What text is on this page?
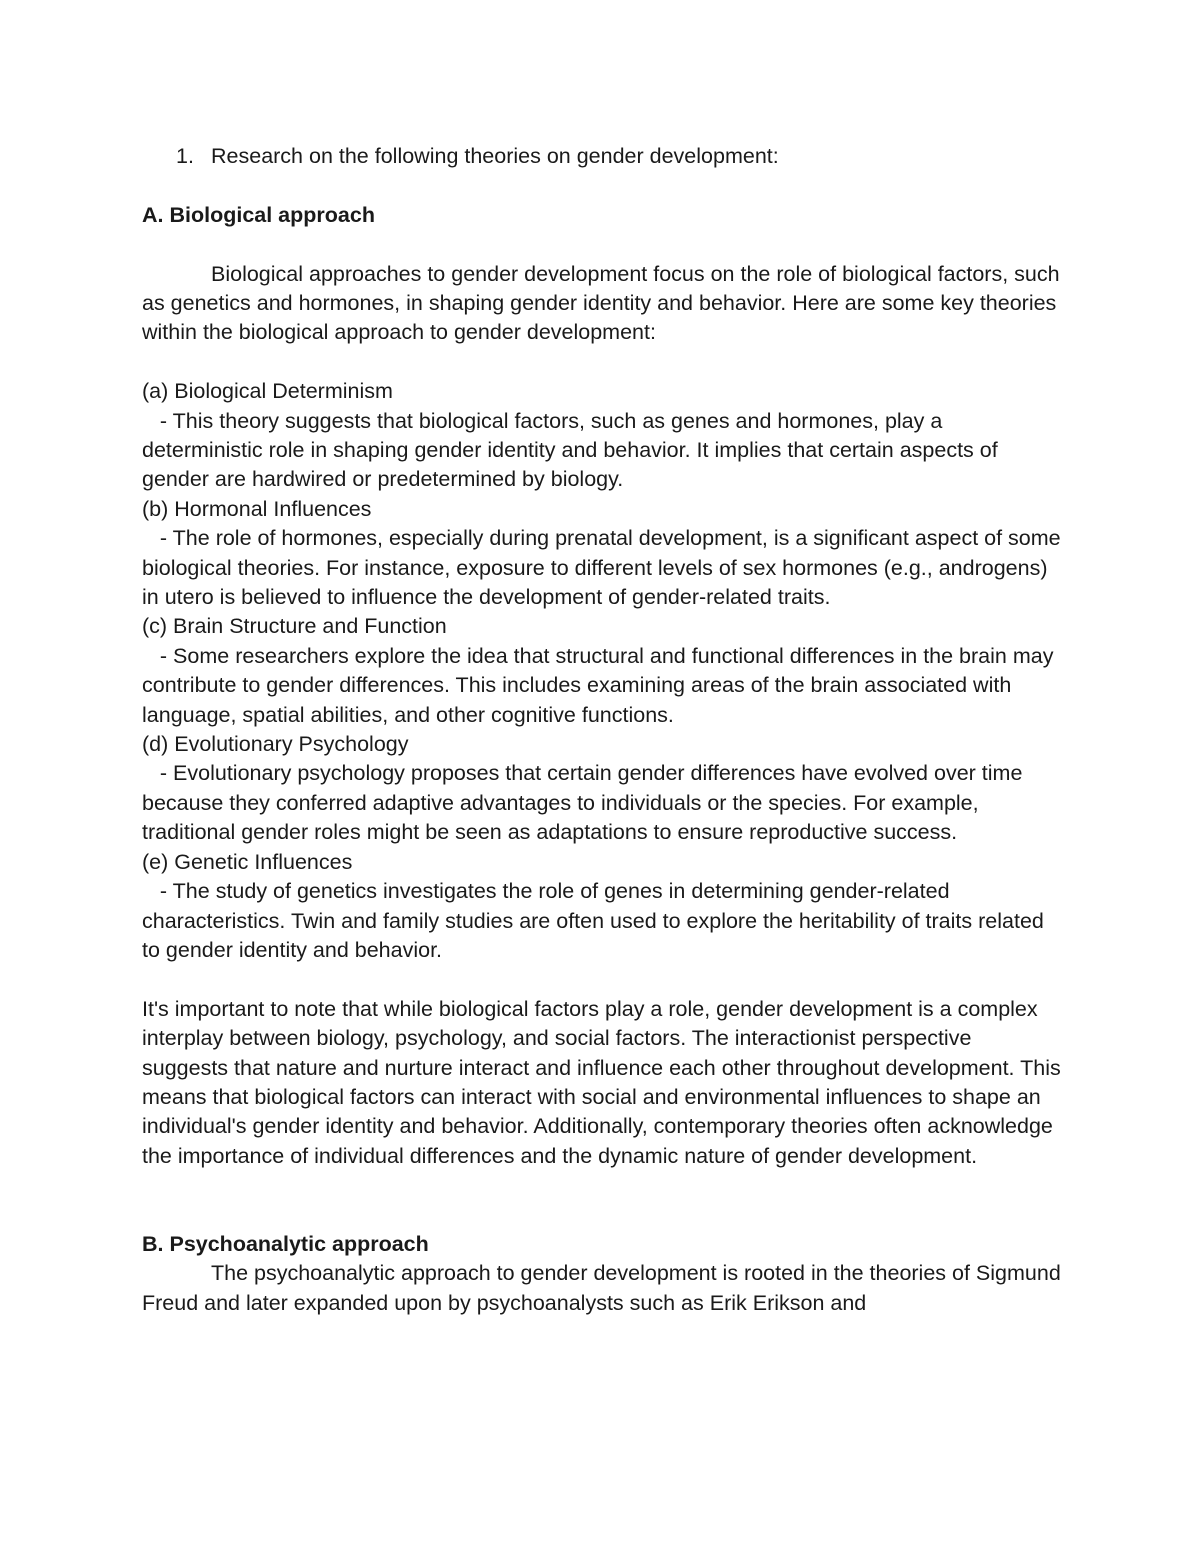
1. Research on the following theories on gender development:

A. Biological approach

Biological approaches to gender development focus on the role of biological factors, such as genetics and hormones, in shaping gender identity and behavior. Here are some key theories within the biological approach to gender development:

(a) Biological Determinism

- This theory suggests that biological factors, such as genes and hormones, play a deterministic role in shaping gender identity and behavior. It implies that certain aspects of gender are hardwired or predetermined by biology.

(b) Hormonal Influences

- The role of hormones, especially during prenatal development, is a significant aspect of some biological theories. For instance, exposure to different levels of sex hormones (e.g., androgens) in utero is believed to influence the development of gender-related traits.

(c) Brain Structure and Function

- Some researchers explore the idea that structural and functional differences in the brain may contribute to gender differences. This includes examining areas of the brain associated with language, spatial abilities, and other cognitive functions.

(d) Evolutionary Psychology

- Evolutionary psychology proposes that certain gender differences have evolved over time because they conferred adaptive advantages to individuals or the species. For example, traditional gender roles might be seen as adaptations to ensure reproductive success.

(e) Genetic Influences

- The study of genetics investigates the role of genes in determining gender-related characteristics. Twin and family studies are often used to explore the heritability of traits related to gender identity and behavior.

It's important to note that while biological factors play a role, gender development is a complex interplay between biology, psychology, and social factors. The interactionist perspective suggests that nature and nurture interact and influence each other throughout development. This means that biological factors can interact with social and environmental influences to shape an individual's gender identity and behavior. Additionally, contemporary theories often acknowledge the importance of individual differences and the dynamic nature of gender development.

B. Psychoanalytic approach

The psychoanalytic approach to gender development is rooted in the theories of Sigmund Freud and later expanded upon by psychoanalysts such as Erik Erikson and
